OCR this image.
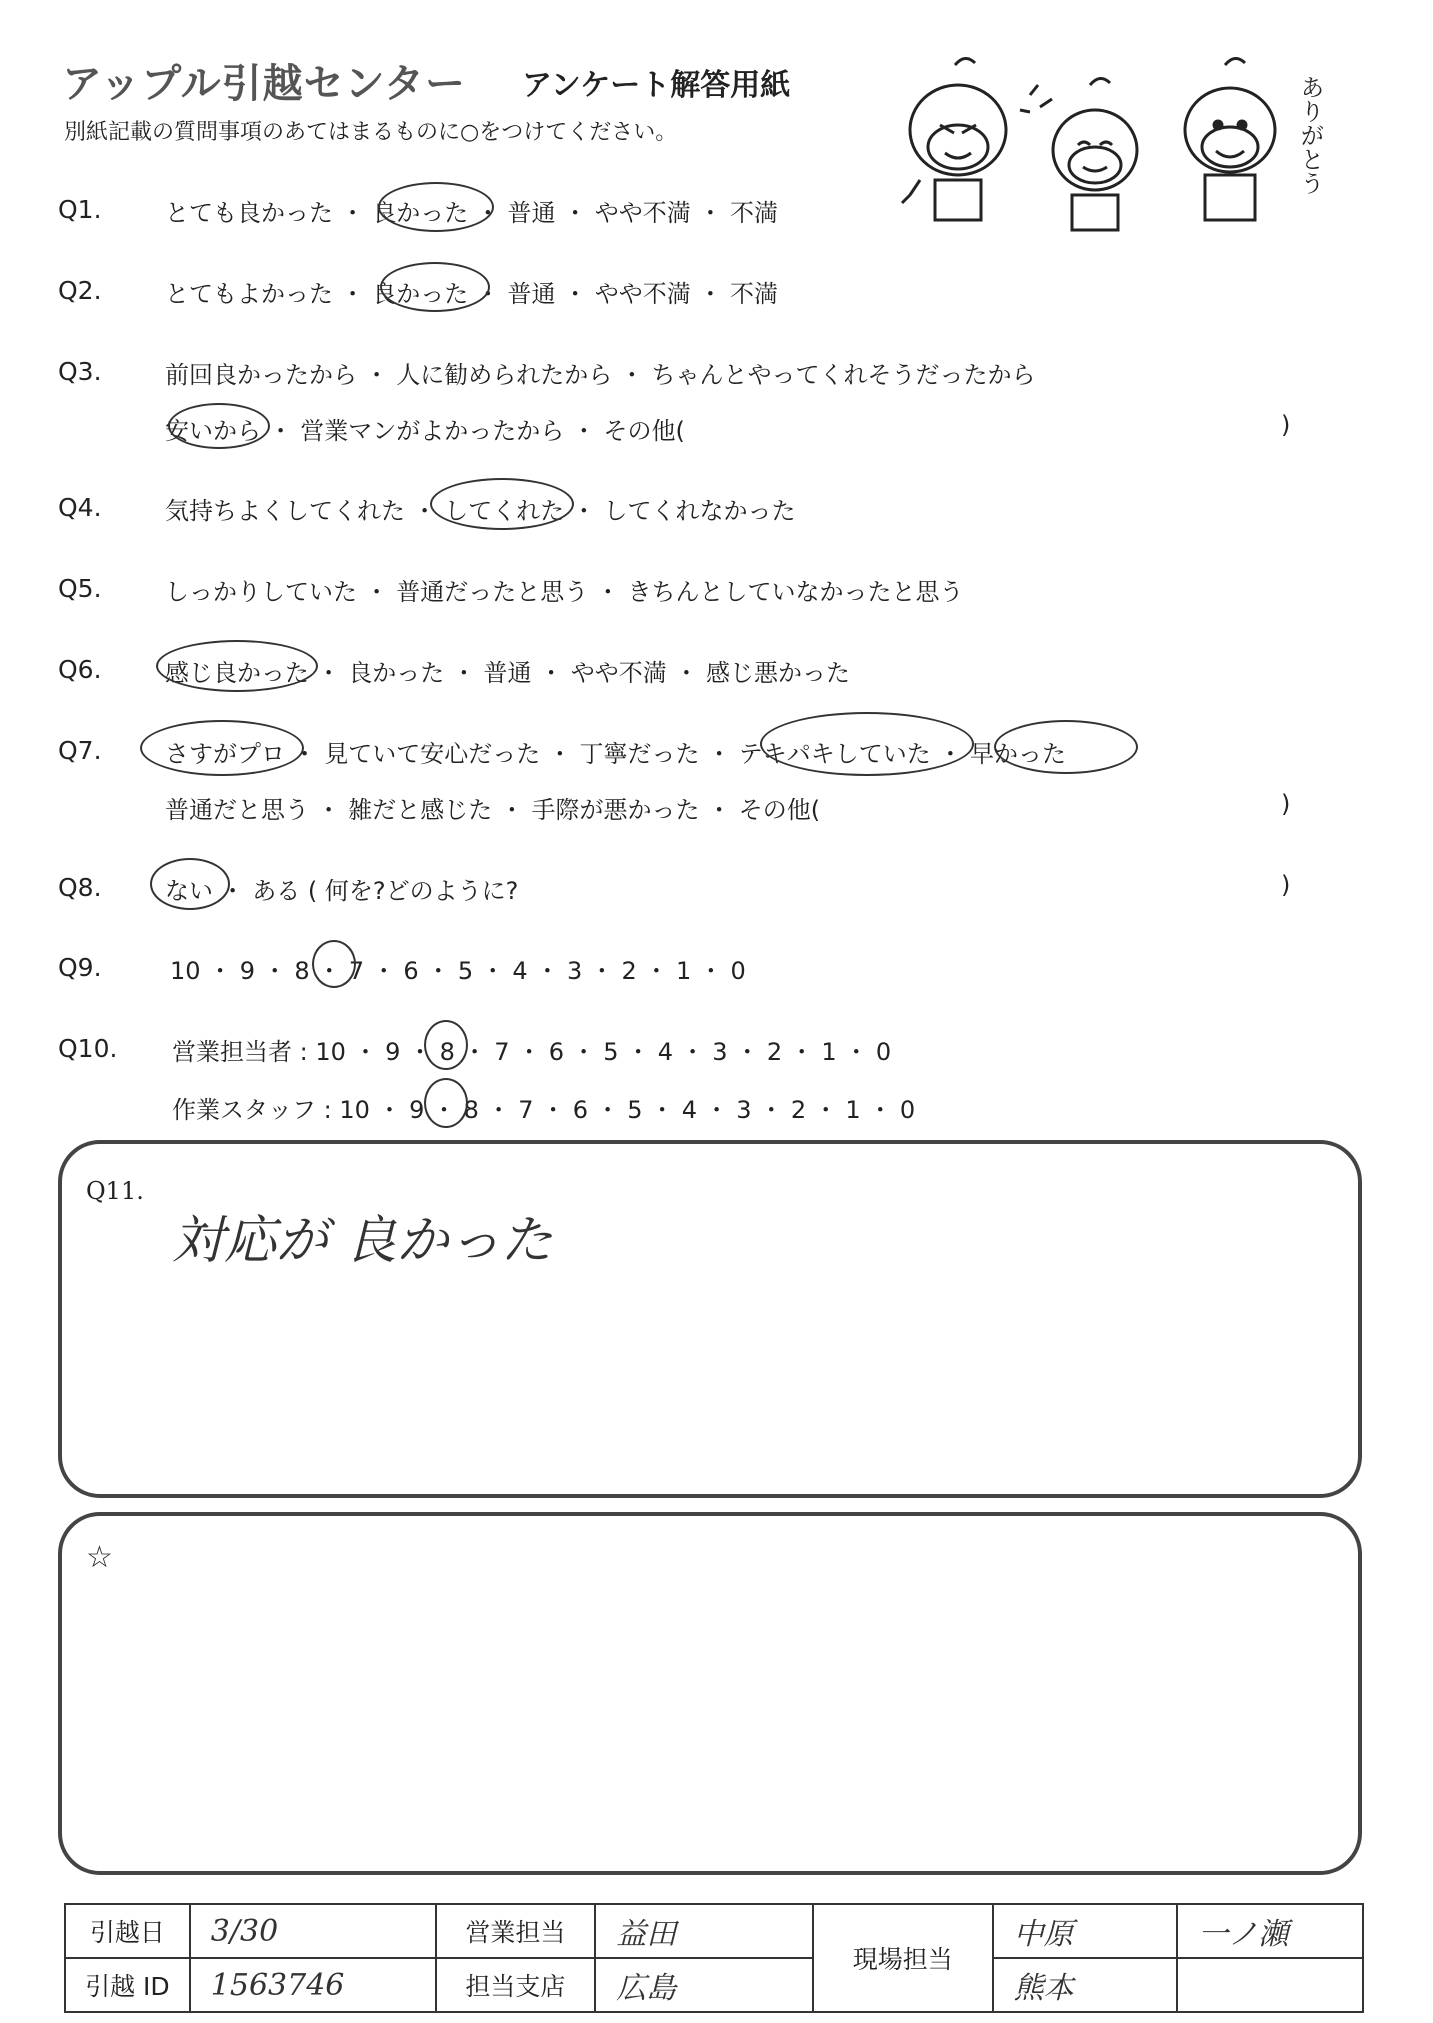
アップル引越センター アンケート解答用紙
別紙記載の質問事項のあてはまるものに○をつけてください。	ありがとう
Q1.	とても良かった ・ 良かった ・ 普通 ・ やや不満 ・ 不満
Q2.	とてもよかった ・ 良かった ・ 普通 ・ やや不満 ・ 不満
Q3.	前回良かったから ・ 人に勧められたから ・ ちゃんとやってくれそうだったから
安いから ・ 営業マンがよかったから ・ その他(	)
Q4.	気持ちよくしてくれた ・ してくれた ・ してくれなかった
Q5.	しっかりしていた ・ 普通だったと思う ・ きちんとしていなかったと思う
Q6.	感じ良かった ・ 良かった ・ 普通 ・ やや不満 ・ 感じ悪かった
Q7.	さすがプロ ・ 見ていて安心だった ・ 丁寧だった ・ テキパキしていた ・ 早かった
普通だと思う ・ 雑だと感じた ・ 手際が悪かった ・ その他(	)
Q8.	ない ・ ある ( 何を?どのように?	)
Q9.	10 ・ 9 ・ 8 ・ 7 ・ 6 ・ 5 ・ 4 ・ 3 ・ 2 ・ 1 ・ 0
Q10. 営業担当者 : 10 ・ 9 ・ 8 ・ 7 ・ 6 ・ 5 ・ 4 ・ 3 ・ 2 ・ 1 ・ 0
作業スタッフ : 10 ・ 9 ・ 8 ・ 7 ・ 6 ・ 5 ・ 4 ・ 3 ・ 2 ・ 1 ・ 0
Q11.
対応が 良かった
☆
引越日	3/30	営業担当	益田	現場担当	中原	一ノ瀬
引越 ID	1563746	担当支店	広島		熊本	
